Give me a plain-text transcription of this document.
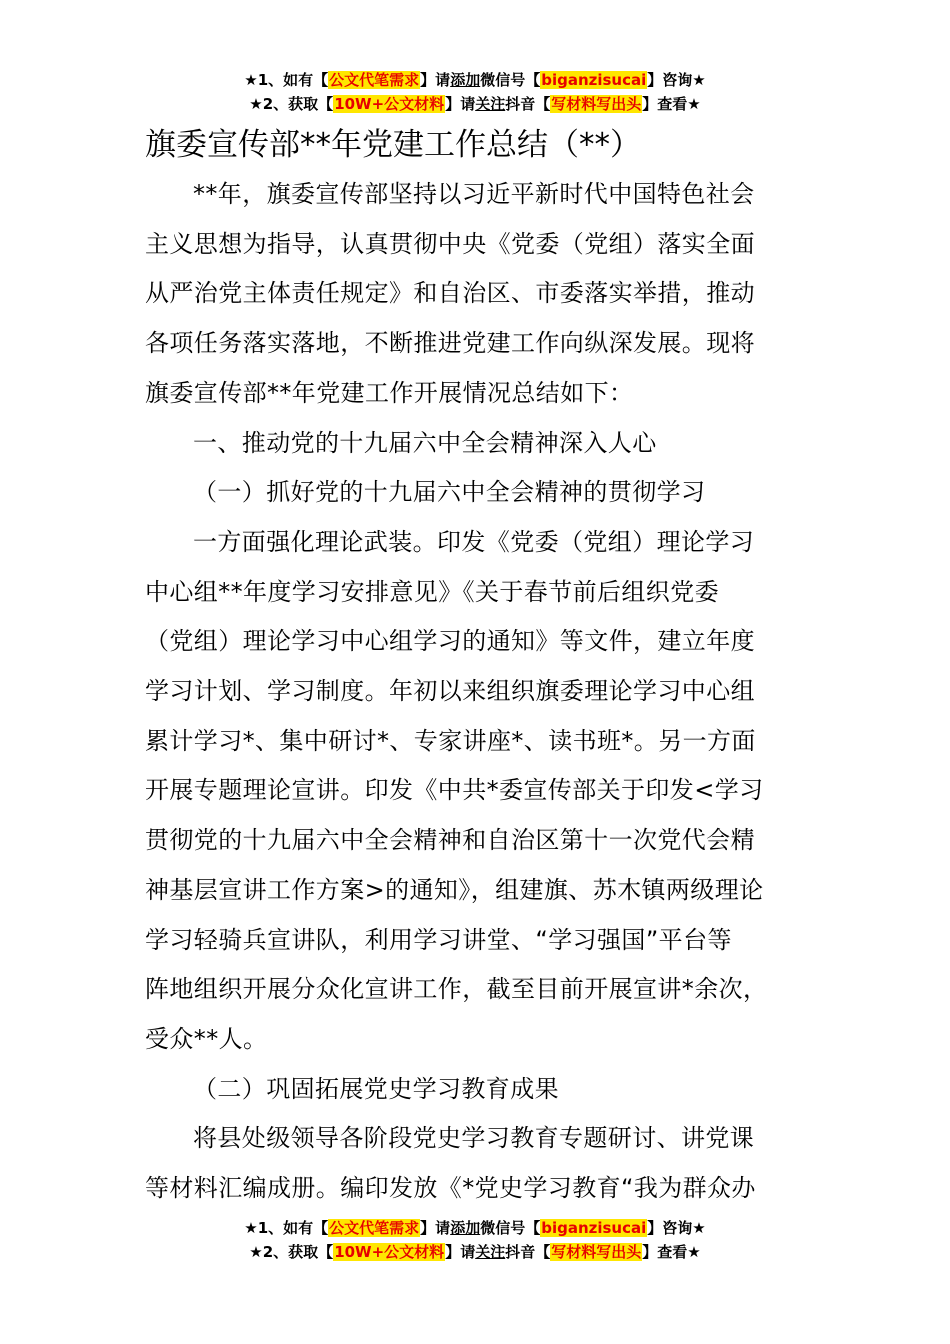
★1、如有【公文代笔需求】请添加微信号【biganzisucai】咨询★
★2、获取【10W+公文材料】请关注抖音【写材料写出头】查看★
旗委宣传部**年党建工作总结（**）
**年，旗委宣传部坚持以习近平新时代中国特色社会
主义思想为指导，认真贯彻中央《党委（党组）落实全面
从严治党主体责任规定》和自治区、市委落实举措，推动
各项任务落实落地，不断推进党建工作向纵深发展。现将
旗委宣传部**年党建工作开展情况总结如下：
一、推动党的十九届六中全会精神深入人心
（一）抓好党的十九届六中全会精神的贯彻学习
一方面强化理论武装。印发《党委（党组）理论学习
中心组**年度学习安排意见》《关于春节前后组织党委
（党组）理论学习中心组学习的通知》等文件，建立年度
学习计划、学习制度。年初以来组织旗委理论学习中心组
累计学习*、集中研讨*、专家讲座*、读书班*。另一方面
开展专题理论宣讲。印发《中共*委宣传部关于印发<学习
贯彻党的十九届六中全会精神和自治区第十一次党代会精
神基层宣讲工作方案>的通知》，组建旗、苏木镇两级理论
学习轻骑兵宣讲队，利用学习讲堂、“学习强国”平台等
阵地组织开展分众化宣讲工作，截至目前开展宣讲*余次，
受众**人。
（二）巩固拓展党史学习教育成果
将县处级领导各阶段党史学习教育专题研讨、讲党课
等材料汇编成册。编印发放《*党史学习教育“我为群众办
★1、如有【公文代笔需求】请添加微信号【biganzisucai】咨询★
★2、获取【10W+公文材料】请关注抖音【写材料写出头】查看★
